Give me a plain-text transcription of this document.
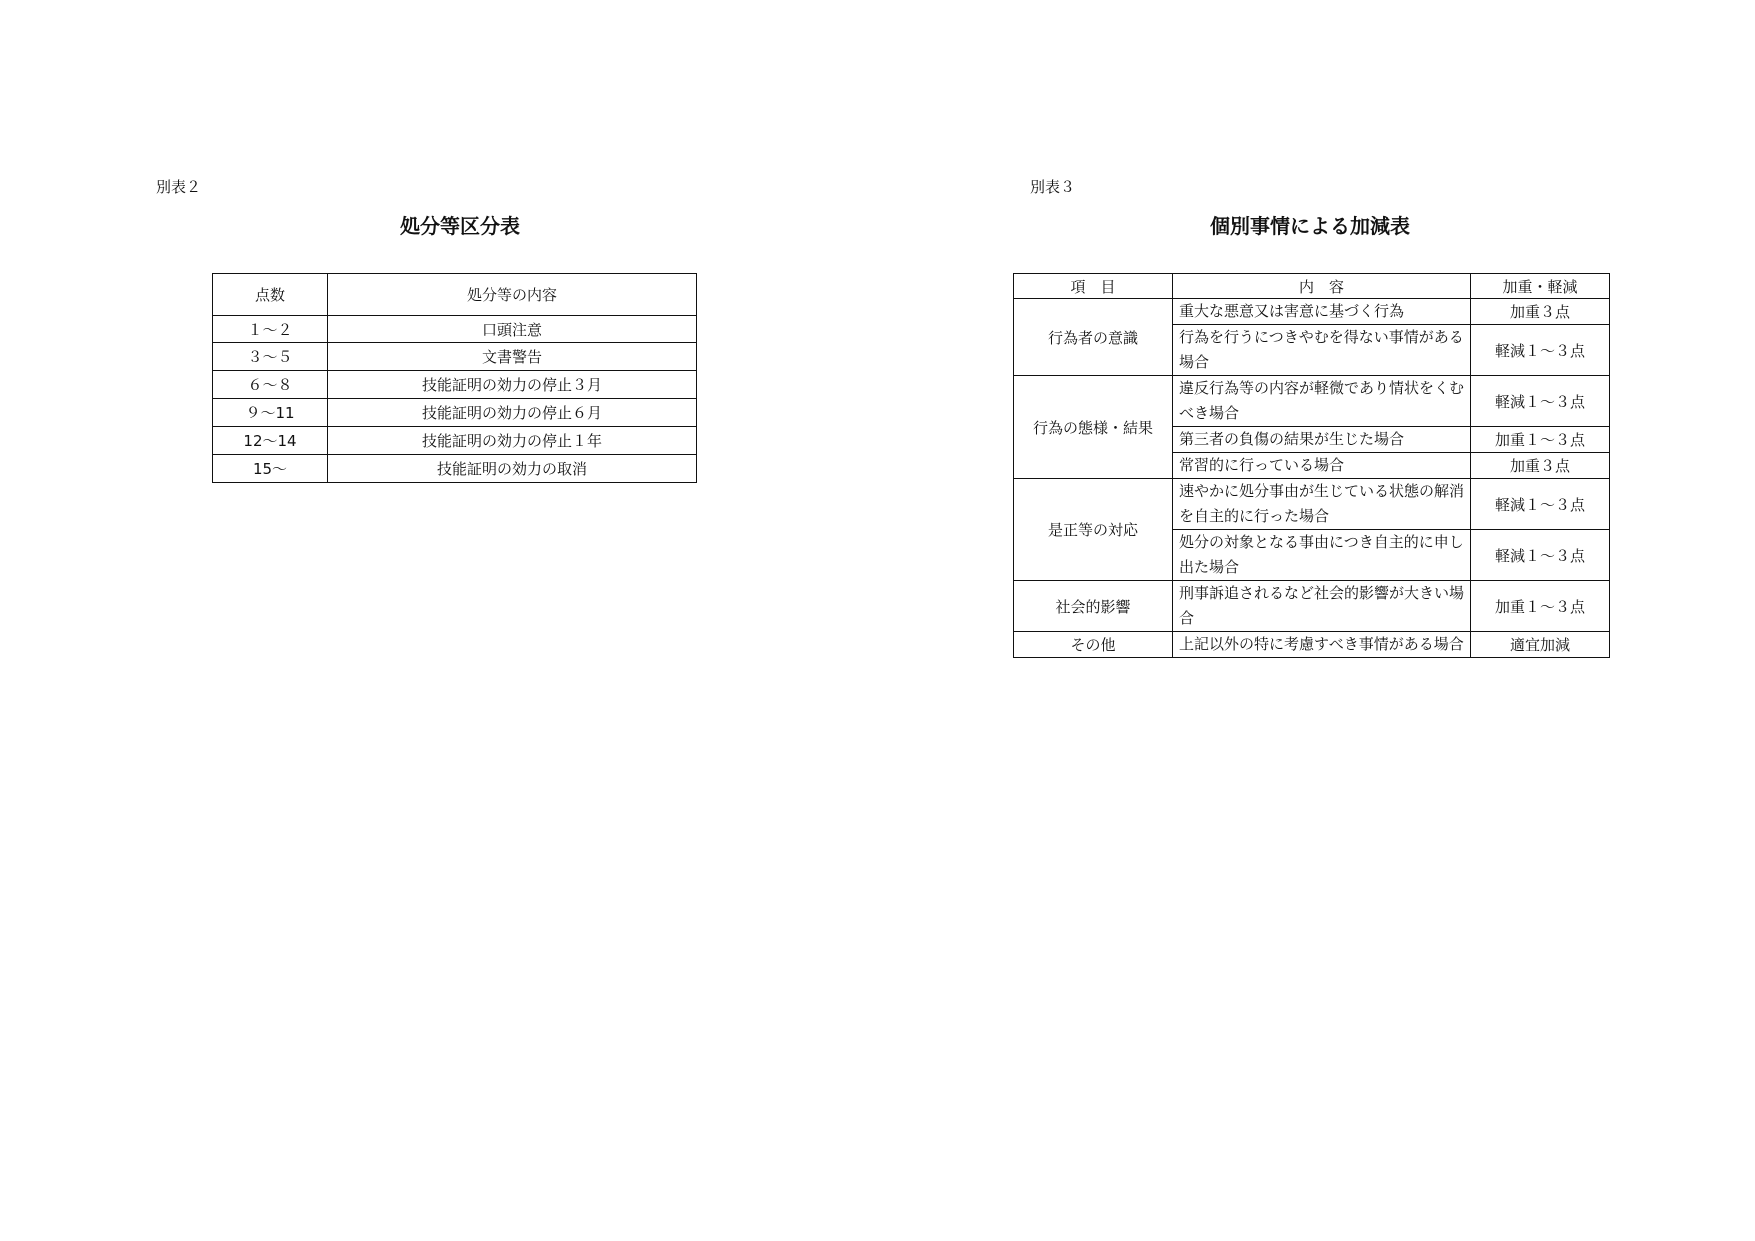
別表２
処分等区分表
点数	処分等の内容
１～２	口頭注意
３～５	文書警告
６～８	技能証明の効力の停止３月
９～11	技能証明の効力の停止６月
12～14	技能証明の効力の停止１年
15～	技能証明の効力の取消
別表３
個別事情による加減表
項　目	内　容	加重・軽減
行為者の意識	重大な悪意又は害意に基づく行為	加重３点
	行為を行うにつきやむを得ない事情がある場合	軽減１～３点
行為の態様・結果	違反行為等の内容が軽微であり情状をくむべき場合	軽減１～３点
	第三者の負傷の結果が生じた場合	加重１～３点
	常習的に行っている場合	加重３点
是正等の対応	速やかに処分事由が生じている状態の解消を自主的に行った場合	軽減１～３点
	処分の対象となる事由につき自主的に申し出た場合	軽減１～３点
社会的影響	刑事訴追されるなど社会的影響が大きい場合	加重１～３点
その他	上記以外の特に考慮すべき事情がある場合	適宜加減
